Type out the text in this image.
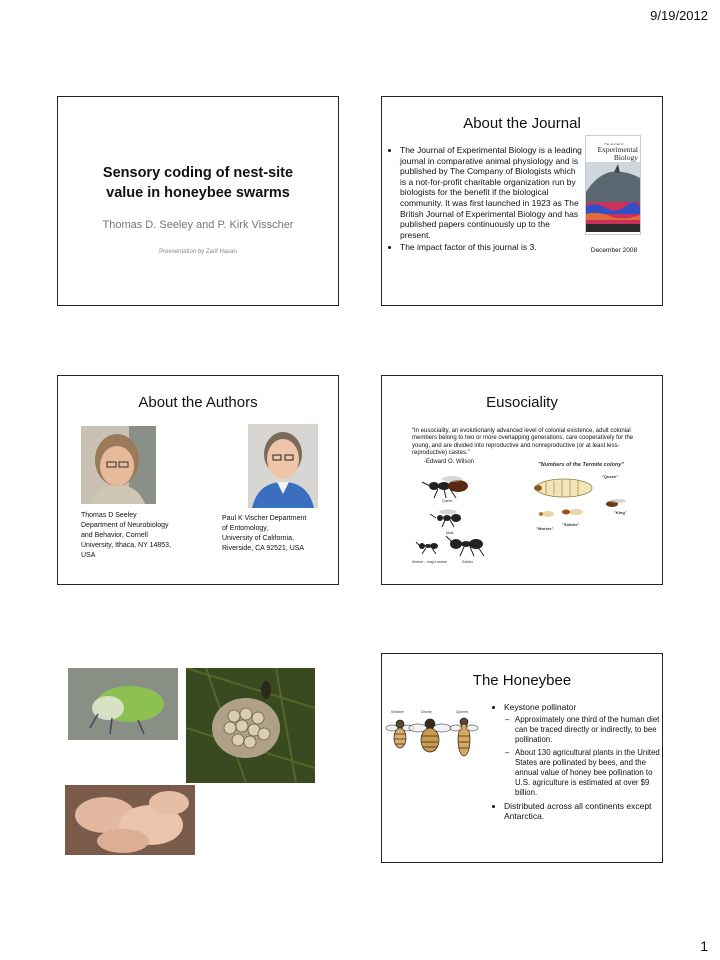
9/19/2012
Sensory coding of nest-site
value in honeybee swarms
Thomas D. Seeley and P. Kirk Visscher
Preesentation by Zarif Hasan
About the Journal
• The Journal of Experimental Biology is a leading journal in comparative animal physiology and is published by The Company of Biologists which is a not-for-profit charitable organization run by biologists for the benefit if the biological community. It was first launched in 1923 as The British Journal of Experimental Biology and has published papers continuously up to the present.
• The impact factor of this journal is 3.
The Journal of
Experimental
Biology
December 2008
About the Authors
Thomas D Seeley
Department of Neurobiology
and Behavior, Cornell
University, Ithaca, NY 14853,
USA
Paul K Vischer Department
of Entomology,
University of California,
Riverside, CA 92521, USA
Eusociality
“In eusociality, an evolutionarily advanced level of colonial existence, adult colonial members belong to two or more overlapping generations, care cooperatively for the young, and are divided into reproductive and nonreproductive (or at least less-reproductive) castes.”
-Edward O. Wilson	"Numbers of the Termite colony"
Queen
Male
Worker – major worker	Soldier
"Queen"
"Worker"
"Soldier"
"King"
The Honeybee
Worker	Drone	Queen
•	Keystone pollinator
– Approximately one third of the human diet can be traced directly or indirectly, to bee pollination.
– About 130 agricultural plants in the United States are pollinated by bees, and the annual value of honey bee pollination to U.S. agriculture is estimated at over $9 billion.
• Distributed across all continents except Antarctica.
1
